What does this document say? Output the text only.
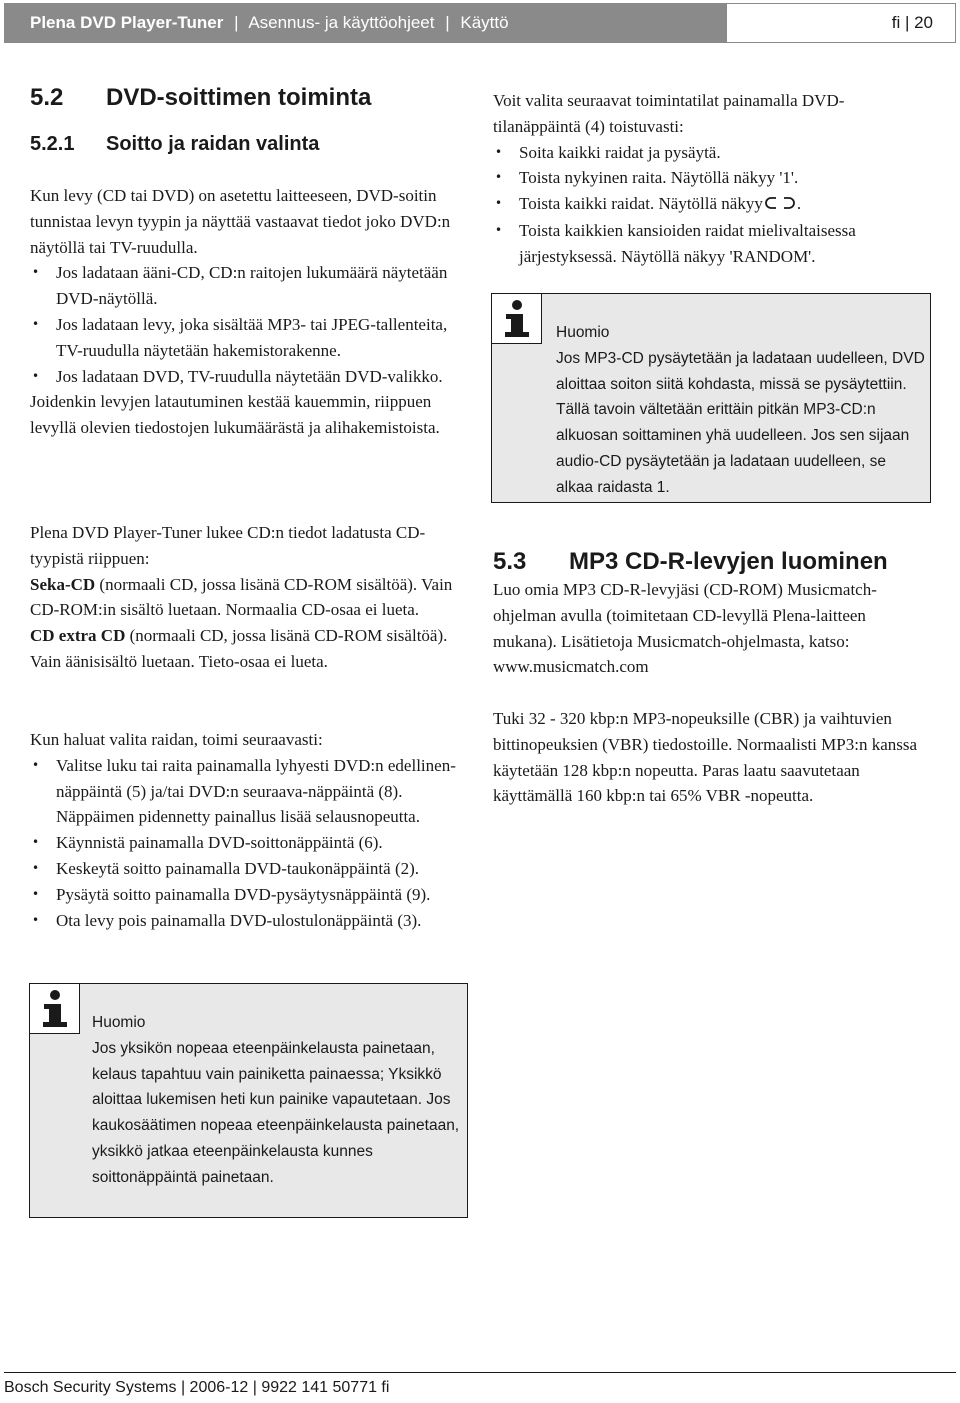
Plena DVD Player-Tuner | Asennus- ja käyttöohjeet | Käyttö	fi | 20
5.2 DVD-soittimen toiminta
5.2.1 Soitto ja raidan valinta

Kun levy (CD tai DVD) on asetettu laitteeseen, DVD-soitin tunnistaa levyn tyypin ja näyttää vastaavat tiedot joko DVD:n näytöllä tai TV-ruudulla.

• Jos ladataan ääni-CD, CD:n raitojen lukumäärä näytetään DVD-näytöllä.
• Jos ladataan levy, joka sisältää MP3- tai JPEG-tallenteita, TV-ruudulla näytetään hakemistorakenne.
• Jos ladataan DVD, TV-ruudulla näytetään DVD-valikko.

Joidenkin levyjen latautuminen kestää kauemmin, riippuen levyllä olevien tiedostojen lukumäärästä ja alihakemistoista.

Plena DVD Player-Tuner lukee CD:n tiedot ladatusta CD-tyypistä riippuen:

Seka-CD (normaali CD, jossa lisänä CD-ROM sisältöä). Vain CD-ROM:in sisältö luetaan. Normaalia CD-osaa ei lueta.

CD extra CD (normaali CD, jossa lisänä CD-ROM sisältöä). Vain äänisisältö luetaan. Tieto-osaa ei lueta.

Kun haluat valita raidan, toimi seuraavasti:

• Valitse luku tai raita painamalla lyhyesti DVD:n edellinen-näppäintä (5) ja/tai DVD:n seuraava-näppäintä (8). Näppäimen pidennetty painallus lisää selausnopeutta.
• Käynnistä painamalla DVD-soittonäppäintä (6).
• Keskeytä soitto painamalla DVD-taukonäppäintä (2).
• Pysäytä soitto painamalla DVD-pysäytysnäppäintä (9).
• Ota levy pois painamalla DVD-ulostulonäppäintä (3).
Huomio
Jos yksikön nopeaa eteenpäinkelausta painetaan, kelaus tapahtuu vain painiketta painaessa; Yksikkö aloittaa lukemisen heti kun painike vapautetaan. Jos kaukosäätimen nopeaa eteenpäinkelausta painetaan, yksikkö jatkaa eteenpäinkelausta kunnes soittonäppäintä painetaan.

Voit valita seuraavat toimintatilat painamalla DVD-tilanäppäintä (4) toistuvasti:

• Soita kaikki raidat ja pysäytä.
• Toista nykyinen raita. Näytöllä näkyy '1'.
• Toista kaikki raidat. Näytöllä näkyy .
• Toista kaikkien kansioiden raidat mielivaltaisessa järjestyksessä. Näytöllä näkyy 'RANDOM'.
Huomio
Jos MP3-CD pysäytetään ja ladataan uudelleen, DVD aloittaa soiton siitä kohdasta, missä se pysäytettiin. Tällä tavoin vältetään erittäin pitkän MP3-CD:n alkuosan soittaminen yhä uudelleen. Jos sen sijaan audio-CD pysäytetään ja ladataan uudelleen, se alkaa raidasta 1.
5.3 MP3 CD-R-levyjen luominen

Luo omia MP3 CD-R-levyjäsi (CD-ROM) Musicmatch-ohjelman avulla (toimitetaan CD-levyllä Plena-laitteen mukana). Lisätietoja Musicmatch-ohjelmasta, katso: www.musicmatch.com

Tuki 32 - 320 kbp:n MP3-nopeuksille (CBR) ja vaihtuvien bittinopeuksien (VBR) tiedostoille. Normaalisti MP3:n kanssa käytetään 128 kbp:n nopeutta. Paras laatu saavutetaan käyttämällä 160 kbp:n tai 65% VBR -nopeutta.

Bosch Security Systems | 2006-12 | 9922 141 50771 fi
